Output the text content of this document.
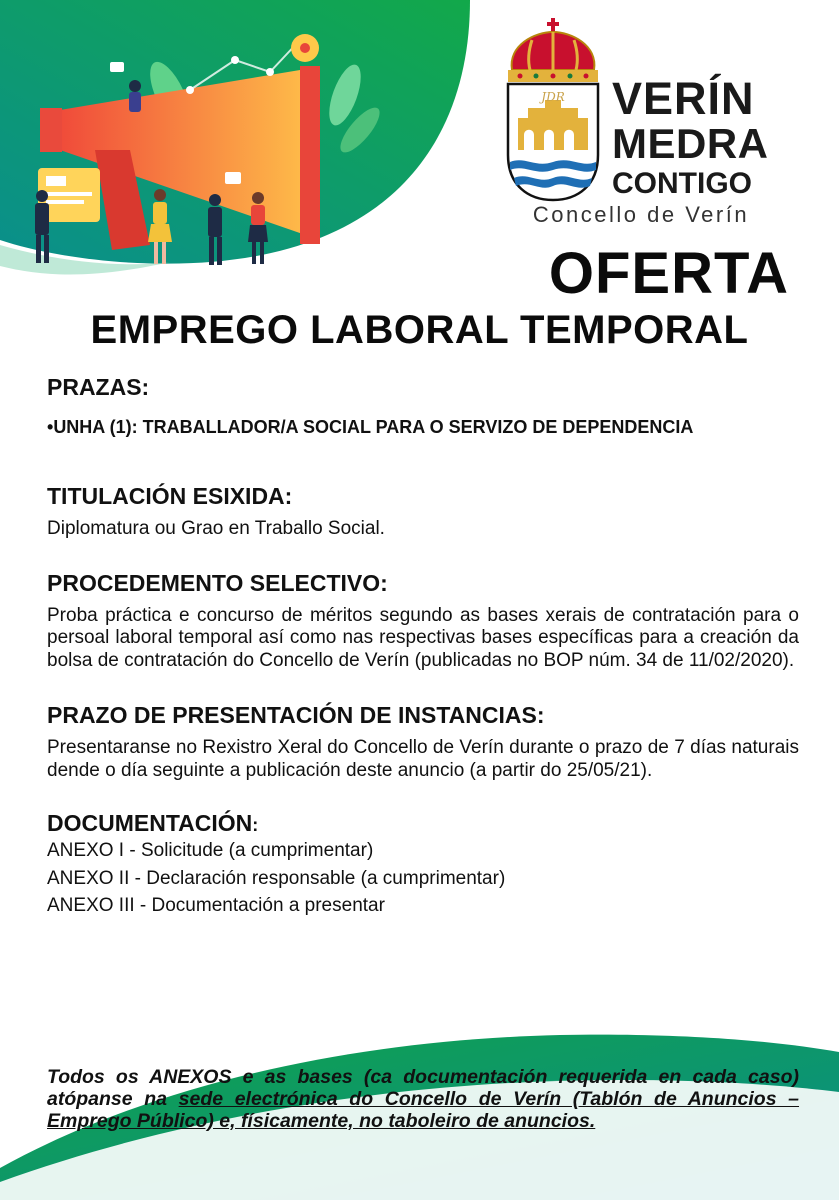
JDR VERÍN
MEDRA
CONTIGO
Concello de Verín
OFERTA
EMPREGO LABORAL TEMPORAL
PRAZAS:
•UNHA (1): TRABALLADOR/A SOCIAL PARA O SERVIZO DE DEPENDENCIA
TITULACIÓN ESIXIDA:
Diplomatura ou Grao en Traballo Social.
PROCEDEMENTO SELECTIVO:
Proba práctica e concurso de méritos segundo as bases xerais de contratación para o persoal laboral temporal así como nas respectivas bases específicas para a creación da bolsa de contratación do Concello de Verín (publicadas no BOP núm. 34 de 11/02/2020).
PRAZO DE PRESENTACIÓN DE INSTANCIAS:
Presentaranse no Rexistro Xeral do Concello de Verín durante o prazo de 7 días naturais dende o día seguinte a publicación deste anuncio (a partir do 25/05/21).
DOCUMENTACIÓN:
ANEXO I - Solicitude (a cumprimentar)
ANEXO II - Declaración responsable (a cumprimentar)
ANEXO III - Documentación a presentar
Todos os ANEXOS e as bases (ca documentación requerida en cada caso) atópanse na sede electrónica do Concello de Verín (Tablón de Anuncios – Emprego Público) e, físicamente, no taboleiro de anuncios.
